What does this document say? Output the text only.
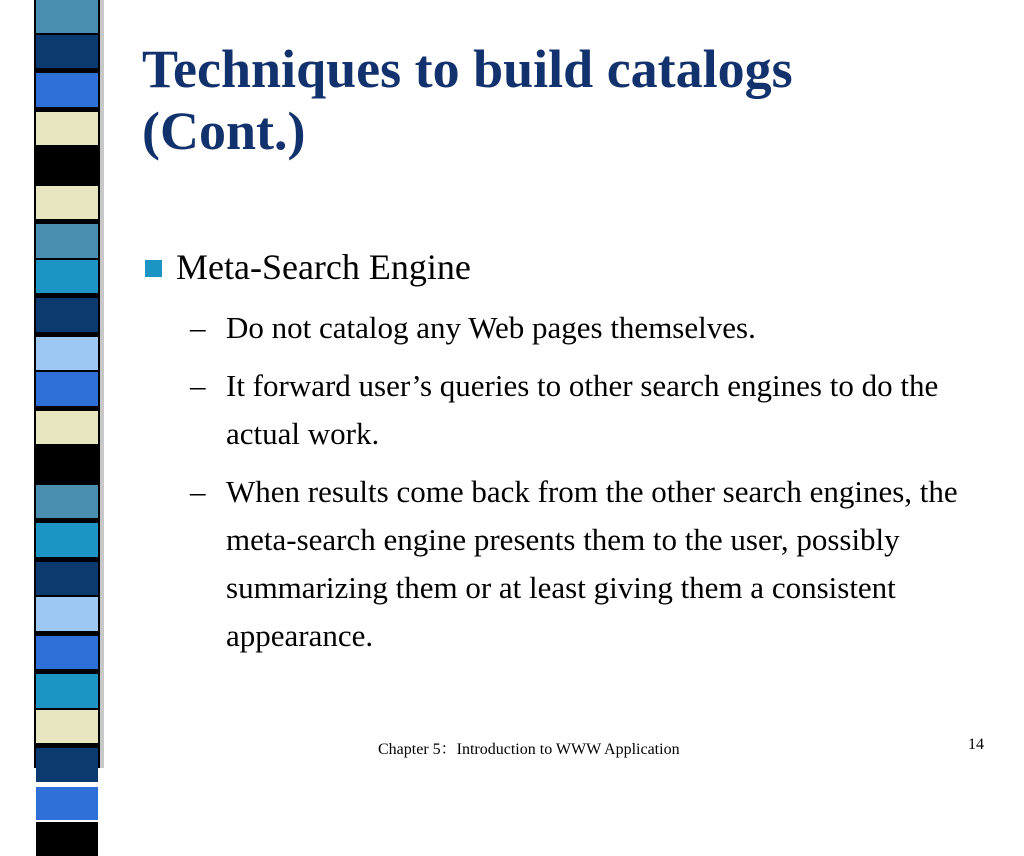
Techniques to build catalogs
(Cont.)
Meta-Search Engine
– Do not catalog any Web pages themselves.
– It forward user’s queries to other search engines to do the actual work.
– When results come back from the other search engines, the meta-search engine presents them to the user, possibly summarizing them or at least giving them a consistent appearance.
Chapter 5：Introduction to WWW Application	14
